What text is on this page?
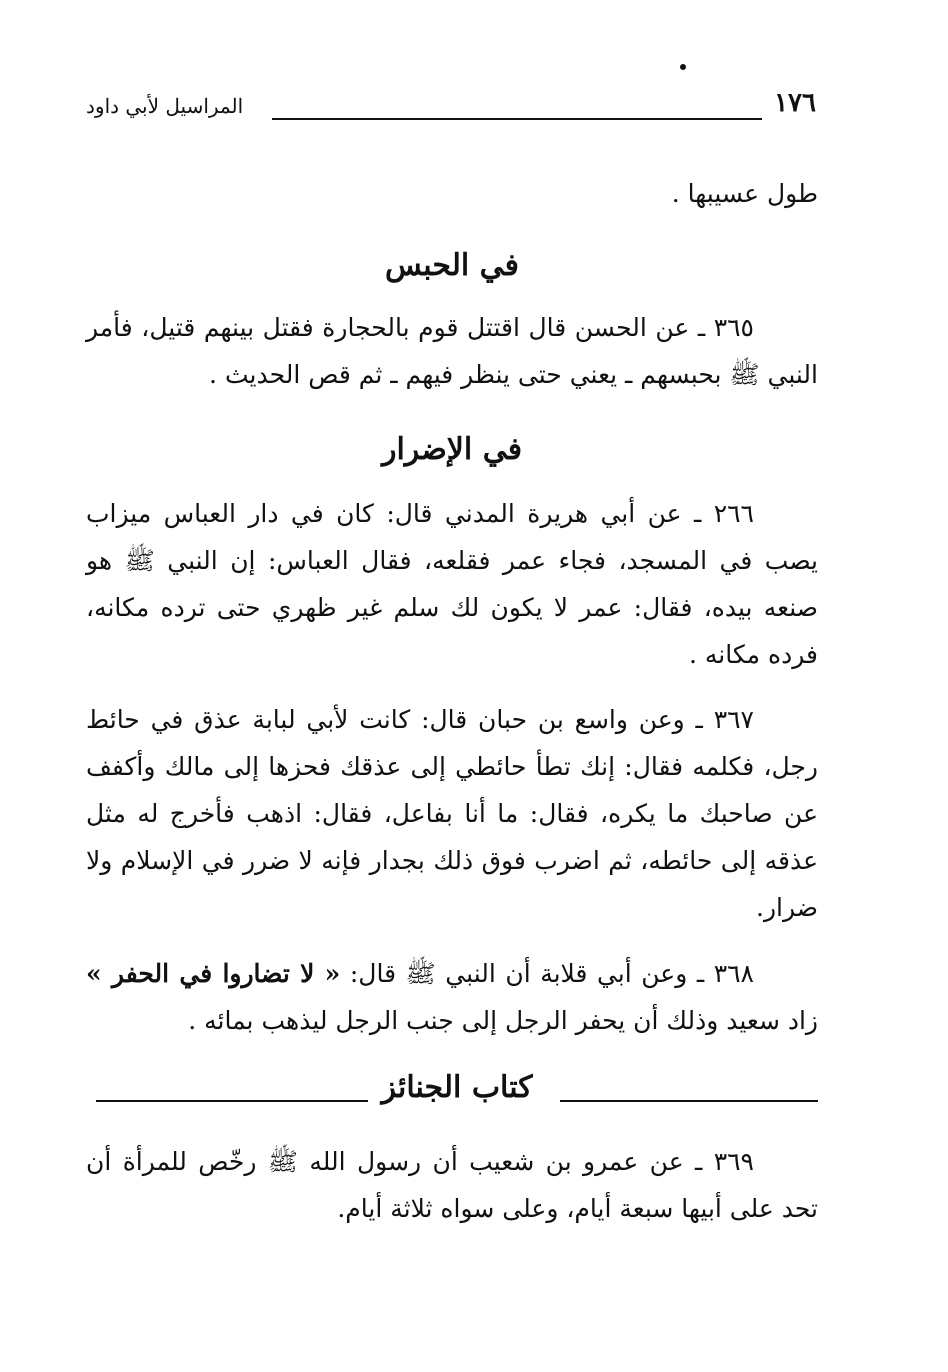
١٧٦
المراسيل لأبي داود

طول عسيبها .

في الحبس

٣٦٥ ـ عن الحسن قال اقتتل قوم بالحجارة فقتل بينهم قتيل، فأمر النبي ﷺ بحبسهم ـ يعني حتى ينظر فيهم ـ ثم قص الحديث .

في الإضرار

٢٦٦ ـ عن أبي هريرة المدني قال: كان في دار العباس ميزاب يصب في المسجد، فجاء عمر فقلعه، فقال العباس: إن النبي ﷺ هو صنعه بيده، فقال: عمر لا يكون لك سلم غير ظهري حتى ترده مكانه، فرده مكانه .

٣٦٧ ـ وعن واسع بن حبان قال: كانت لأبي لبابة عذق في حائط رجل، فكلمه فقال: إنك تطأ حائطي إلى عذقك فحزها إلى مالك وأكفف عن صاحبك ما يكره، فقال: ما أنا بفاعل، فقال: اذهب فأخرج له مثل عذقه إلى حائطه، ثم اضرب فوق ذلك بجدار فإنه لا ضرر في الإسلام ولا ضرار.

٣٦٨ ـ وعن أبي قلابة أن النبي ﷺ قال: « لا تضاروا في الحفر » زاد سعيد وذلك أن يحفر الرجل إلى جنب الرجل ليذهب بمائه .

كتاب الجنائز

٣٦٩ ـ عن عمرو بن شعيب أن رسول الله ﷺ رخّص للمرأة أن تحد على أبيها سبعة أيام، وعلى سواه ثلاثة أيام.
